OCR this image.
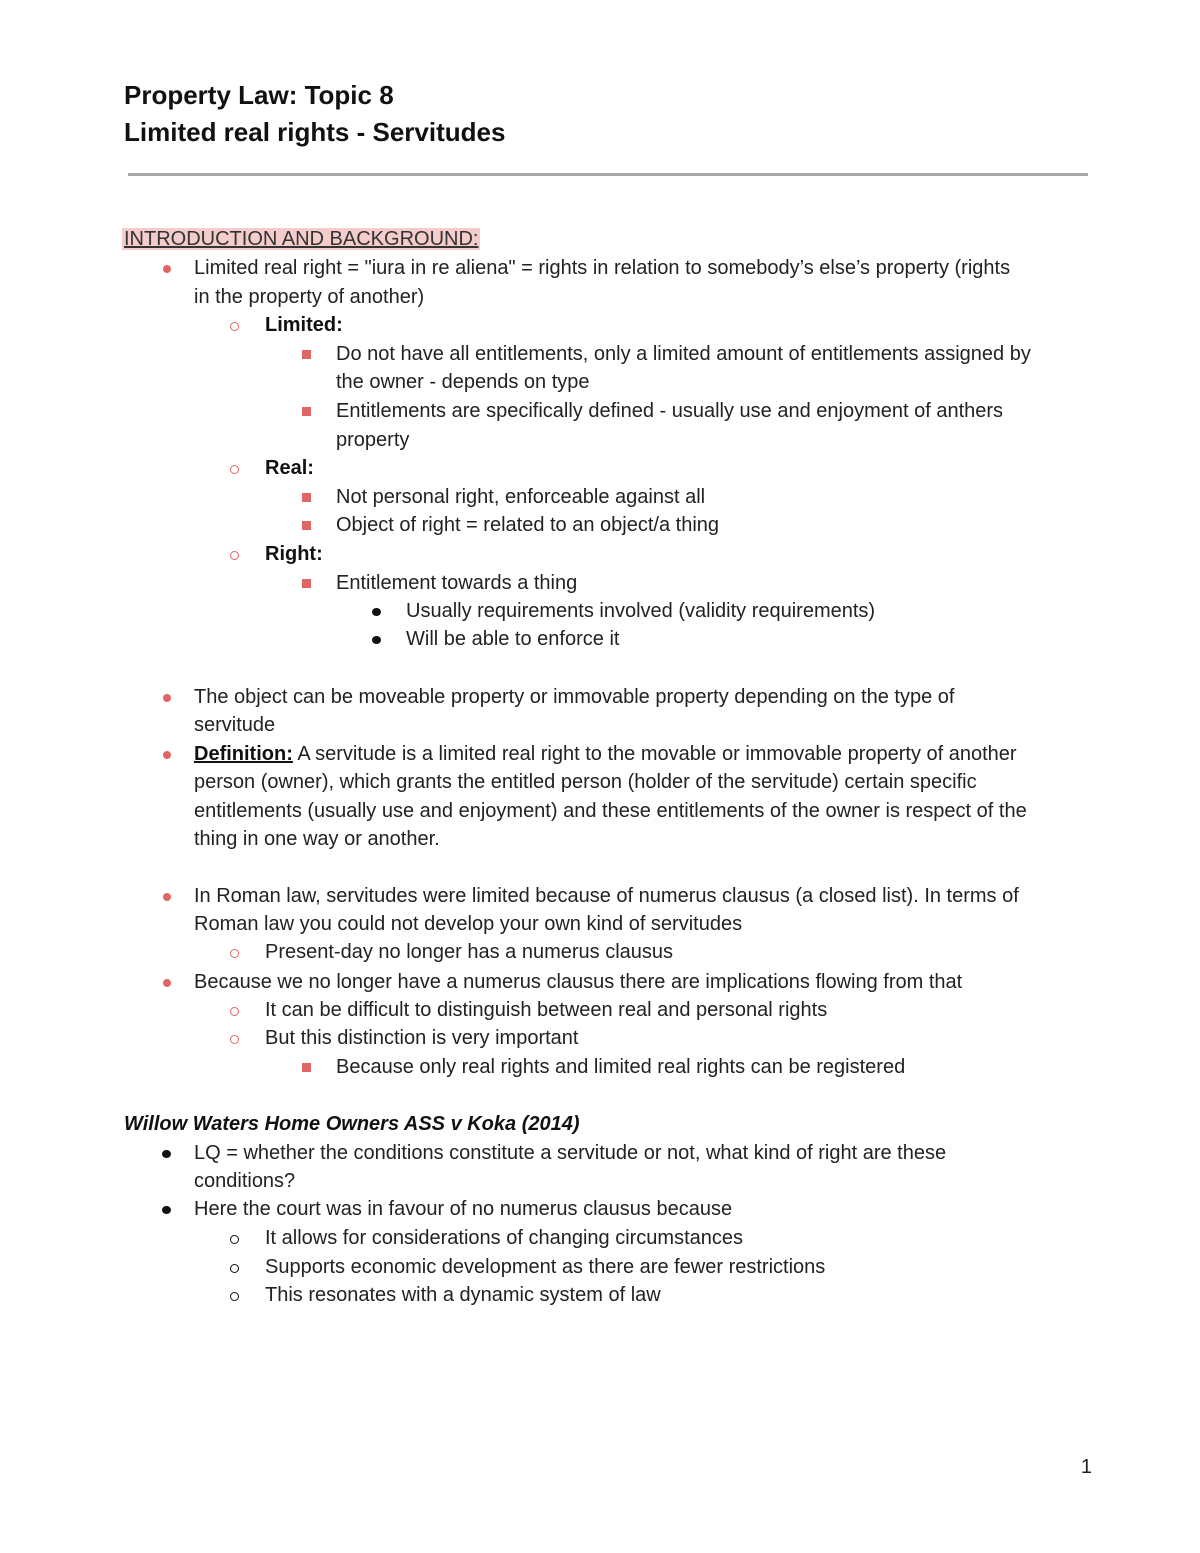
Property Law: Topic 8
Limited real rights - Servitudes
INTRODUCTION AND BACKGROUND:
Limited real right = "iura in re aliena" = rights in relation to somebody’s else’s property (rights
in the property of another)
Limited:
Do not have all entitlements, only a limited amount of entitlements assigned by
the owner - depends on type
Entitlements are specifically defined - usually use and enjoyment of anthers
property
Real:
Not personal right, enforceable against all
Object of right = related to an object/a thing
Right:
Entitlement towards a thing
Usually requirements involved (validity requirements)
Will be able to enforce it
The object can be moveable property or immovable property depending on the type of
servitude
Definition: A servitude is a limited real right to the movable or immovable property of another
person (owner), which grants the entitled person (holder of the servitude) certain specific
entitlements (usually use and enjoyment) and these entitlements of the owner is respect of the
thing in one way or another.
In Roman law, servitudes were limited because of numerus clausus (a closed list). In terms of
Roman law you could not develop your own kind of servitudes
Present-day no longer has a numerus clausus
Because we no longer have a numerus clausus there are implications flowing from that
It can be difficult to distinguish between real and personal rights
But this distinction is very important
Because only real rights and limited real rights can be registered
Willow Waters Home Owners ASS v Koka (2014)
LQ = whether the conditions constitute a servitude or not, what kind of right are these
conditions?
Here the court was in favour of no numerus clausus because
It allows for considerations of changing circumstances
Supports economic development as there are fewer restrictions
This resonates with a dynamic system of law
1
